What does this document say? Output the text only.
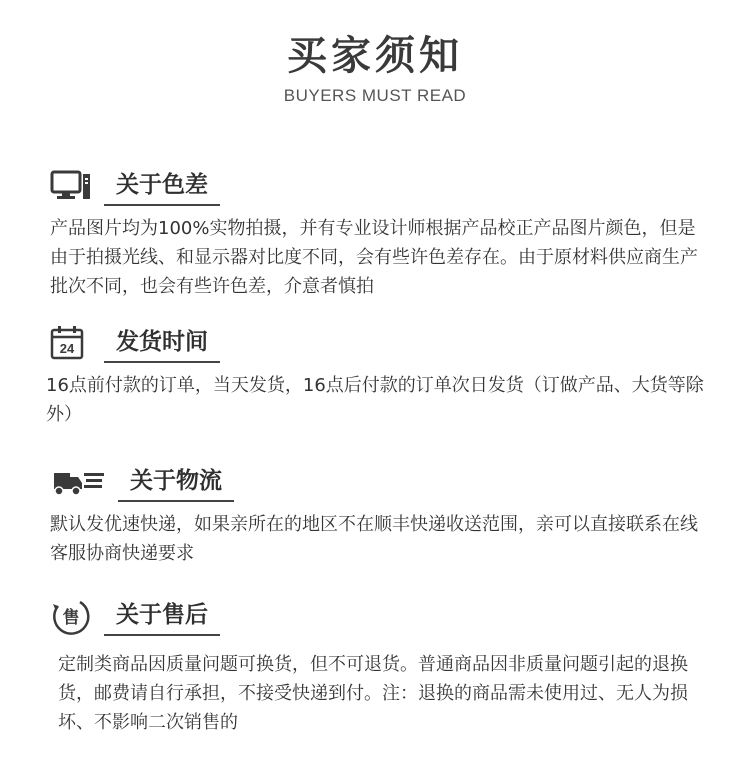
买家须知
BUYERS MUST READ
关于色差
产品图片均为100%实物拍摄，并有专业设计师根据产品校正产品图片颜色，但是由于拍摄光线、和显示器对比度不同，会有些许色差存在。由于原材料供应商生产批次不同，也会有些许色差，介意者慎拍
24	发货时间
16点前付款的订单，当天发货，16点后付款的订单次日发货（订做产品、大货等除外）
关于物流
默认发优速快递，如果亲所在的地区不在顺丰快递收送范围，亲可以直接联系在线客服协商快递要求
售	关于售后
定制类商品因质量问题可换货，但不可退货。普通商品因非质量问题引起的退换货，邮费请自行承担，不接受快递到付。注：退换的商品需未使用过、无人为损坏、不影响二次销售的
